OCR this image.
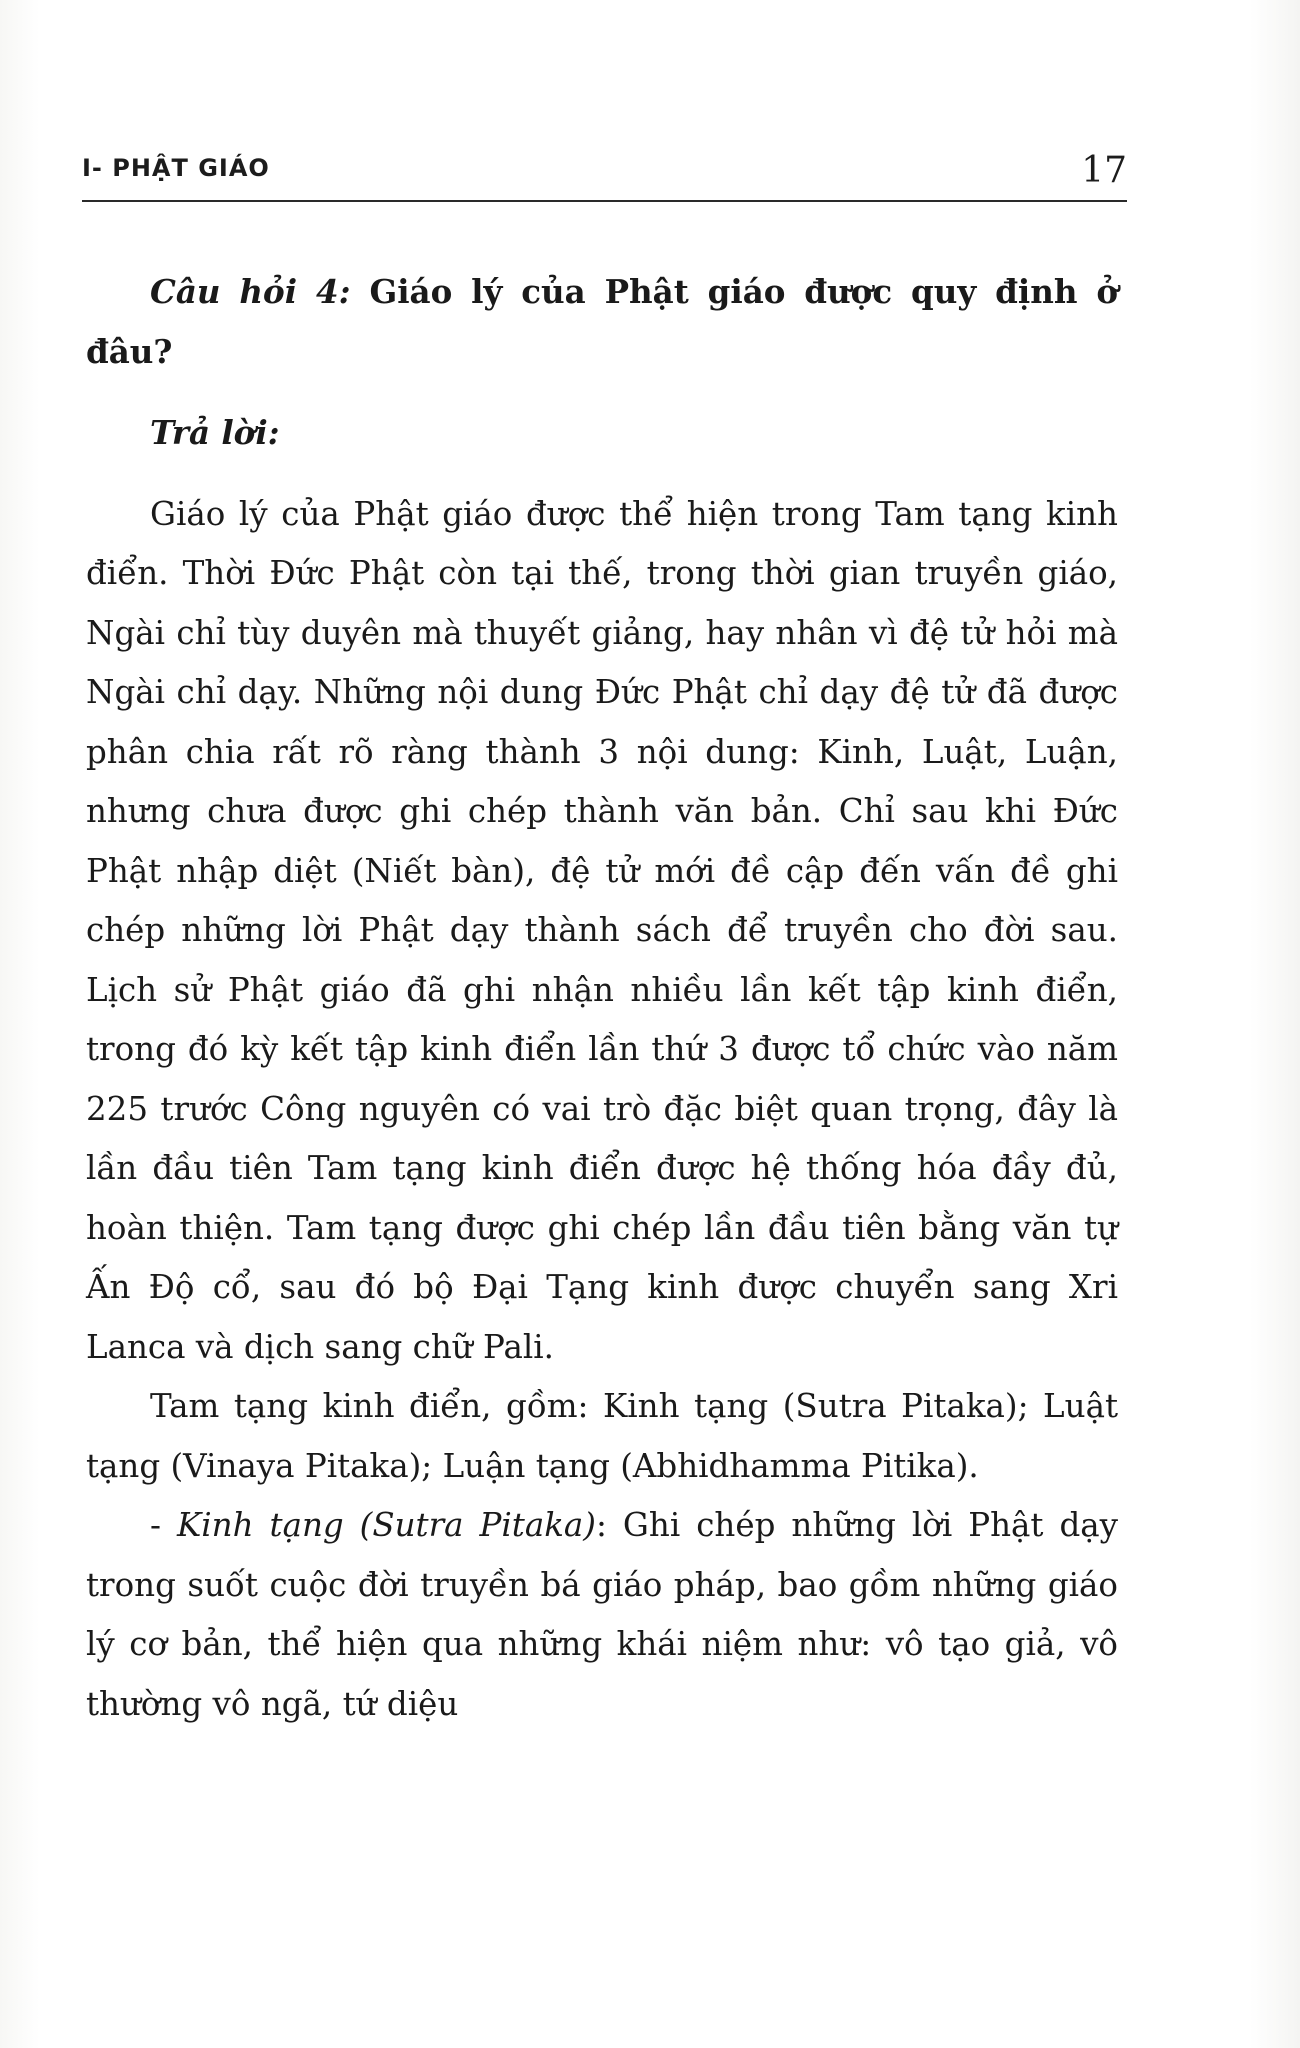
I- PHẬT GIÁO	17

Câu hỏi 4: Giáo lý của Phật giáo được quy định ở đâu?

Trả lời:

Giáo lý của Phật giáo được thể hiện trong Tam tạng kinh điển. Thời Đức Phật còn tại thế, trong thời gian truyền giáo, Ngài chỉ tùy duyên mà thuyết giảng, hay nhân vì đệ tử hỏi mà Ngài chỉ dạy. Những nội dung Đức Phật chỉ dạy đệ tử đã được phân chia rất rõ ràng thành 3 nội dung: Kinh, Luật, Luận, nhưng chưa được ghi chép thành văn bản. Chỉ sau khi Đức Phật nhập diệt (Niết bàn), đệ tử mới đề cập đến vấn đề ghi chép những lời Phật dạy thành sách để truyền cho đời sau. Lịch sử Phật giáo đã ghi nhận nhiều lần kết tập kinh điển, trong đó kỳ kết tập kinh điển lần thứ 3 được tổ chức vào năm 225 trước Công nguyên có vai trò đặc biệt quan trọng, đây là lần đầu tiên Tam tạng kinh điển được hệ thống hóa đầy đủ, hoàn thiện. Tam tạng được ghi chép lần đầu tiên bằng văn tự Ấn Độ cổ, sau đó bộ Đại Tạng kinh được chuyển sang Xri Lanca và dịch sang chữ Pali.

Tam tạng kinh điển, gồm: Kinh tạng (Sutra Pitaka); Luật tạng (Vinaya Pitaka); Luận tạng (Abhidhamma Pitika).

- Kinh tạng (Sutra Pitaka): Ghi chép những lời Phật dạy trong suốt cuộc đời truyền bá giáo pháp, bao gồm những giáo lý cơ bản, thể hiện qua những khái niệm như: vô tạo giả, vô thường vô ngã, tứ diệu
